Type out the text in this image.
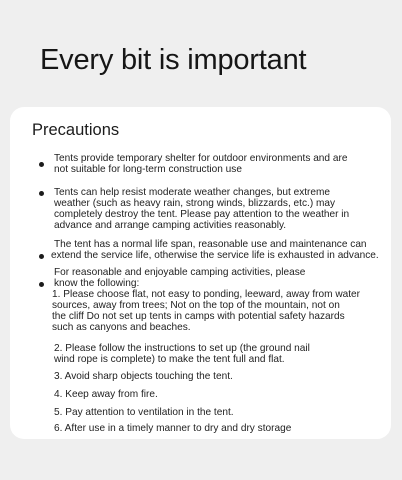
Every bit is important
Precautions
Tents provide temporary shelter for outdoor environments and are
not suitable for long-term construction use
Tents can help resist moderate weather changes, but extreme
weather (such as heavy rain, strong winds, blizzards, etc.) may
completely destroy the tent. Please pay attention to the weather in
advance and arrange camping activities reasonably.
The tent has a normal life span, reasonable use and maintenance can
extend the service life, otherwise the service life is exhausted in advance.
For reasonable and enjoyable camping activities, please
know the following:
1. Please choose flat, not easy to ponding, leeward, away from water
sources, away from trees; Not on the top of the mountain, not on
the cliff Do not set up tents in camps with potential safety hazards
such as canyons and beaches.
2. Please follow the instructions to set up (the ground nail
wind rope is complete) to make the tent full and flat.
3. Avoid sharp objects touching the tent.
4. Keep away from fire.
5. Pay attention to ventilation in the tent.
6. After use in a timely manner to dry and dry storage
